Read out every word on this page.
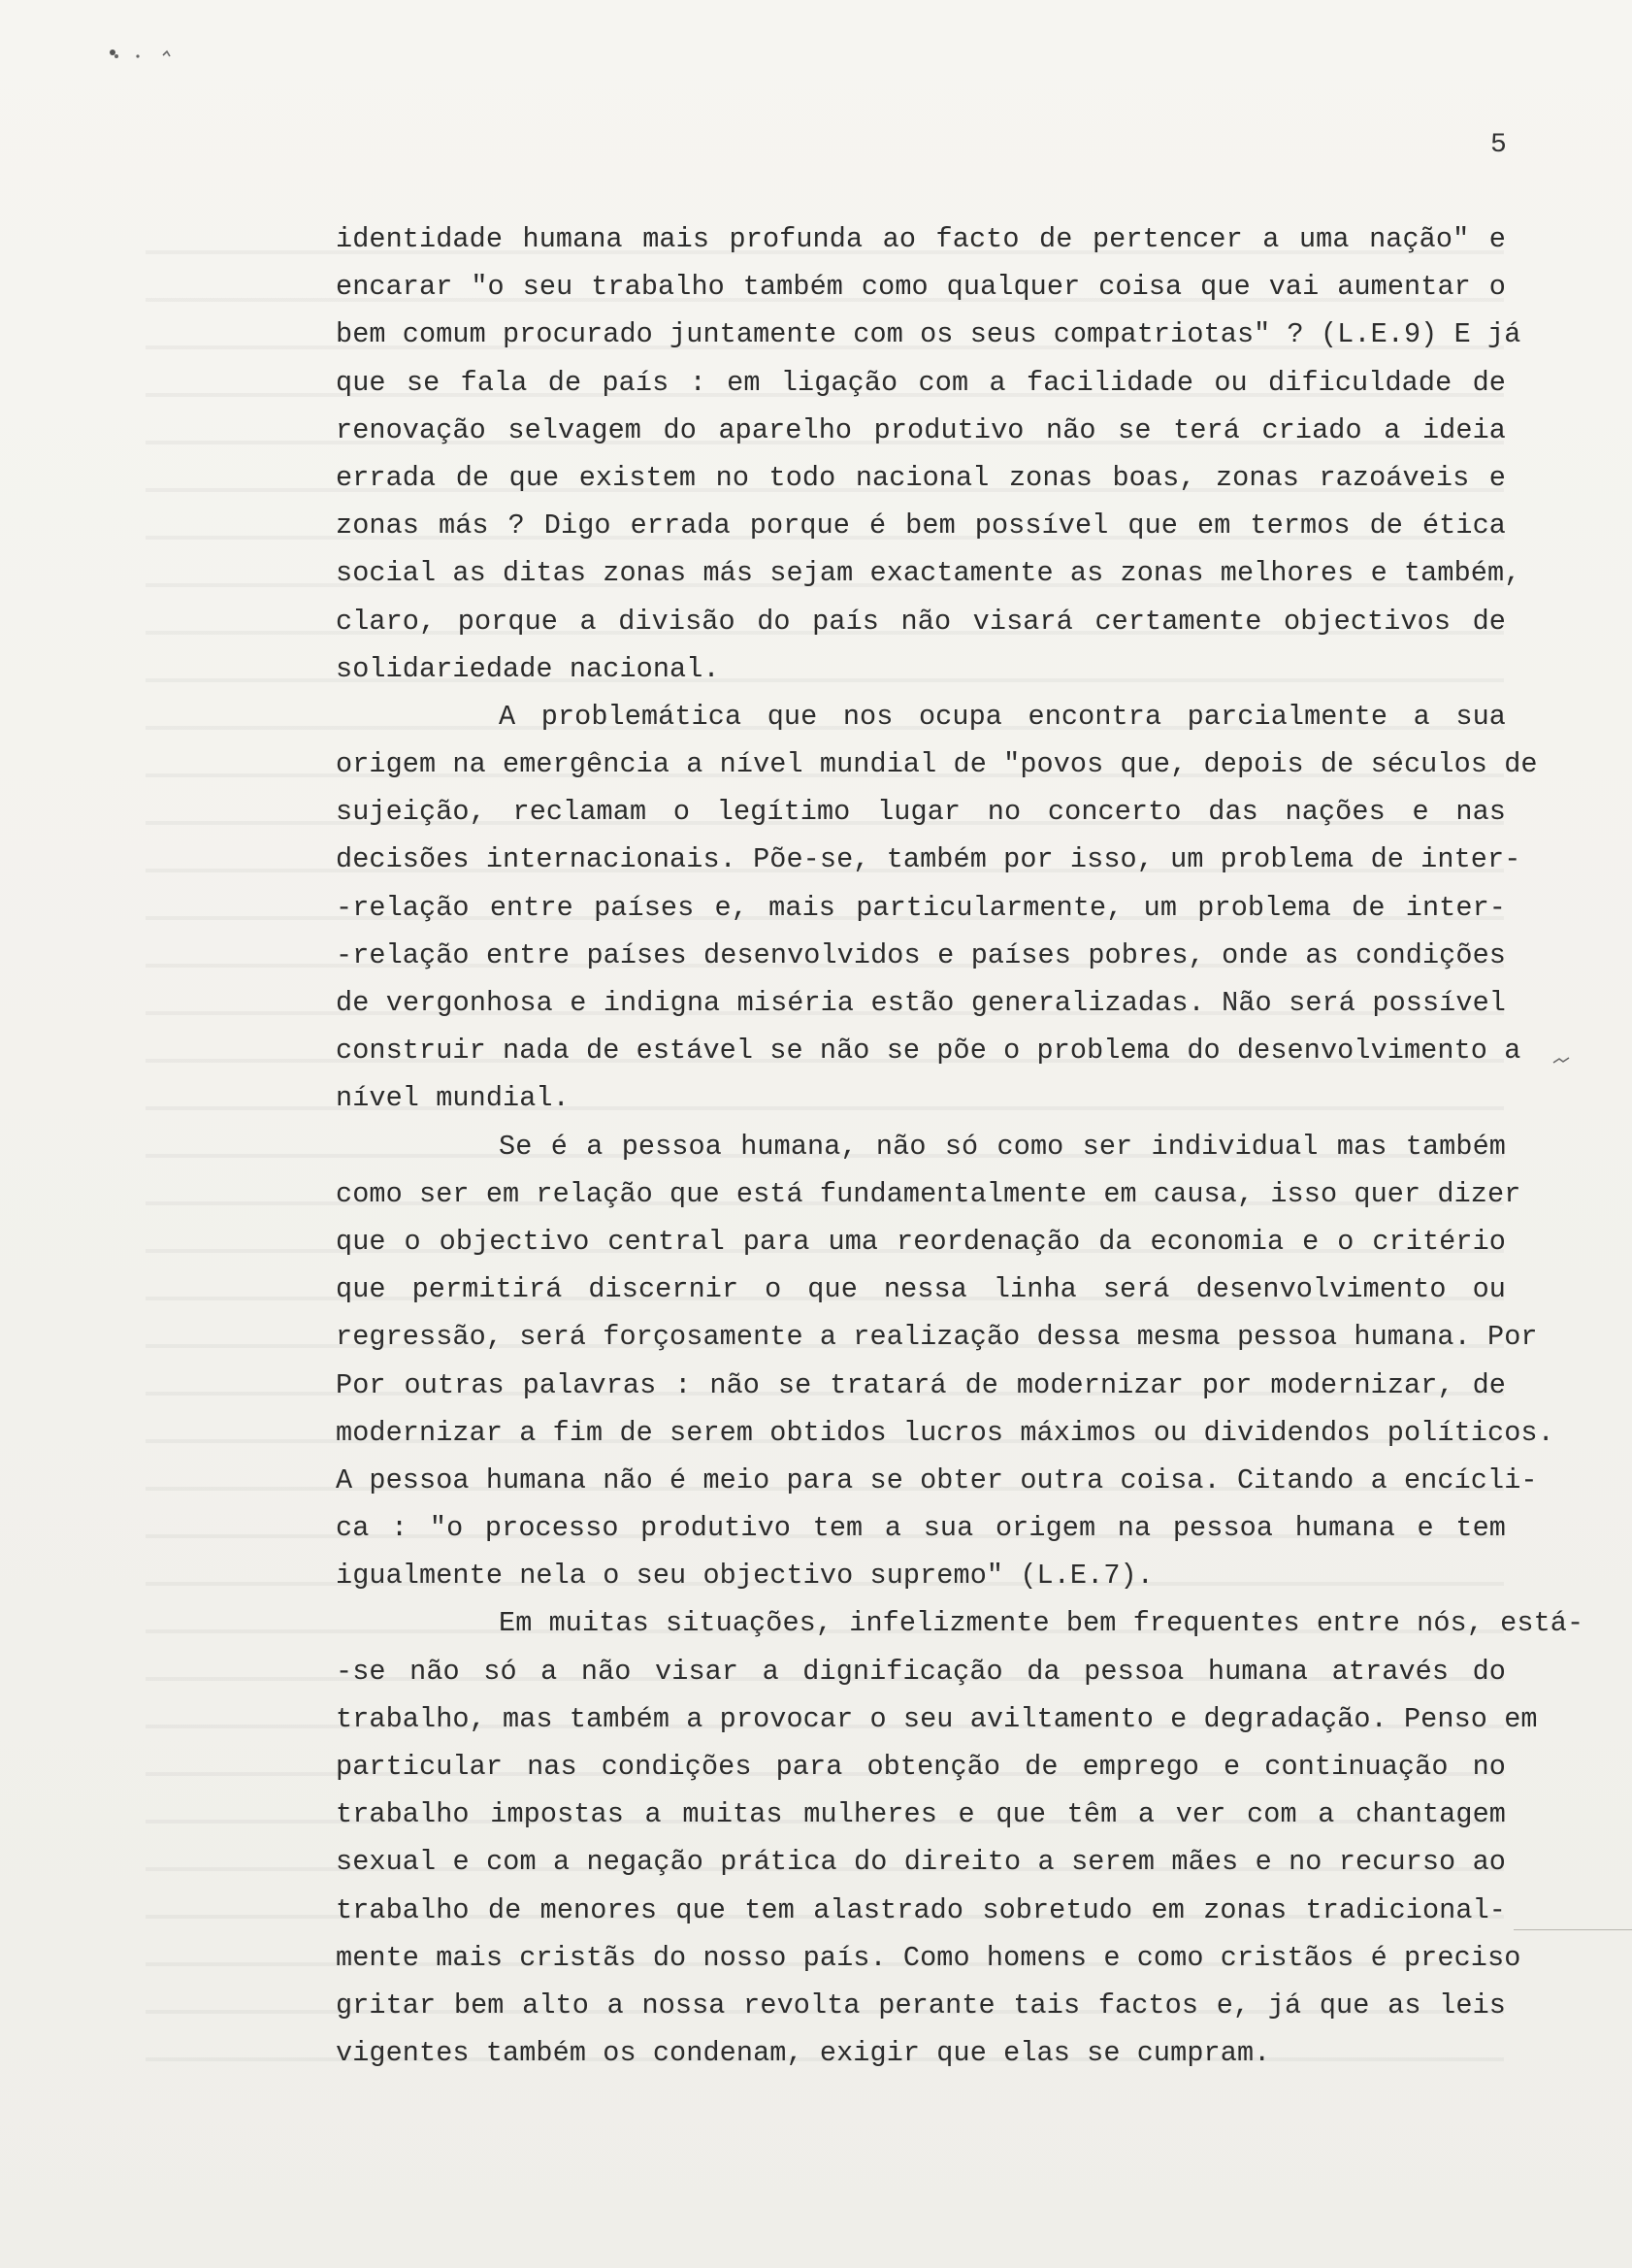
5
identidade humana mais profunda ao facto de pertencer a uma nação" e
encarar "o seu trabalho também como qualquer coisa que vai aumentar o
bem comum procurado juntamente com os seus compatriotas" ? (L.E.9) E já
que se fala de país : em ligação com a facilidade ou dificuldade de
renovação selvagem do aparelho produtivo não se terá criado a ideia
errada de que existem no todo nacional zonas boas, zonas razoáveis e
zonas más ? Digo errada porque é bem possível que em termos de ética
social as ditas zonas más sejam exactamente as zonas melhores e também,
claro, porque a divisão do país não visará certamente objectivos de
solidariedade nacional.
A problemática que nos ocupa encontra parcialmente a sua
origem na emergência a nível mundial de "povos que, depois de séculos de
sujeição, reclamam o legítimo lugar no concerto das nações e nas
decisões internacionais. Põe-se, também por isso, um problema de inter-
-relação entre países e, mais particularmente, um problema de inter-
-relação entre países desenvolvidos e países pobres, onde as condições
de vergonhosa e indigna miséria estão generalizadas. Não será possível
construir nada de estável se não se põe o problema do desenvolvimento a
nível mundial.
Se é a pessoa humana, não só como ser individual mas também
como ser em relação que está fundamentalmente em causa, isso quer dizer
que o objectivo central para uma reordenação da economia e o critério
que permitirá discernir o que nessa linha será desenvolvimento ou
regressão, será forçosamente a realização dessa mesma pessoa humana. Por
Por outras palavras : não se tratará de modernizar por modernizar, de
modernizar a fim de serem obtidos lucros máximos ou dividendos políticos.
A pessoa humana não é meio para se obter outra coisa. Citando a encícli-
ca : "o processo produtivo tem a sua origem na pessoa humana e tem
igualmente nela o seu objectivo supremo" (L.E.7).
Em muitas situações, infelizmente bem frequentes entre nós, está-
-se não só a não visar a dignificação da pessoa humana através do
trabalho, mas também a provocar o seu aviltamento e degradação. Penso em
particular nas condições para obtenção de emprego e continuação no
trabalho impostas a muitas mulheres e que têm a ver com a chantagem
sexual e com a negação prática do direito a serem mães e no recurso ao
trabalho de menores que tem alastrado sobretudo em zonas tradicional-
mente mais cristãs do nosso país. Como homens e como cristãos é preciso
gritar bem alto a nossa revolta perante tais factos e, já que as leis
vigentes também os condenam, exigir que elas se cumpram.
